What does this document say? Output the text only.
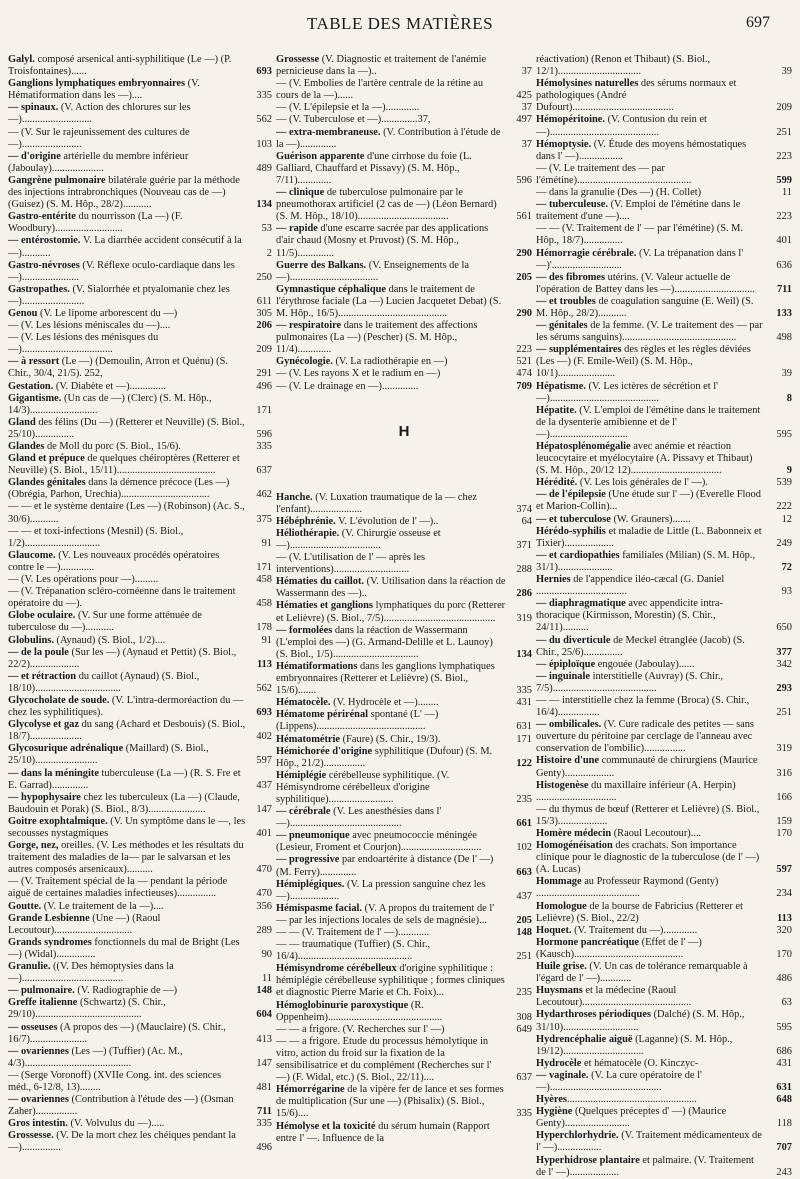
TABLE DES MATIÈRES	697
Galyl. composé arsenical anti-syphilitique (Le —) (P. Troisfontaines)......	693
Ganglions lymphatiques embryonnaires (V. Hématiformation dans les —)....	335
— spinaux. (V. Action des chlorures sur les —)...........................	562
— (V. Sur le rajeunissement des cultures de —).......................	103
— d'origine artérielle du membre inférieur (Jaboulay)....................	489
Gangrène pulmonaire bilatérale guérie par la méthode des injections intrabronchiques (Nouveau cas de —) (Guisez) (S. M. Hôp., 28/2)...........	134
Gastro-entérite du nourrisson (La —) (F. Woodbury)..........................	53
— entérostomie. V. La diarrhée accident consécutif à la —)...........	2
Gastro-névroses (V. Réflexe oculo-cardiaque dans les —)......................	250
Gastropathes. (V. Sialorrhée et ptyalomanie chez les —)........................	611
Genou (V. Le lipome arborescent du —)	305
— (V. Les lésions méniscales du —)....	206
— (V. Les lésions des ménisques du —)...................................	209
— à ressort (Le —) (Demoulin, Arron et Quénu) (S. Chir., 30/4, 21/5). 252,	291
Gestation. (V. Diabète et —)..............	496
Gigantisme. (Un cas de —) (Clerc) (S. M. Hôp., 14/3)..........................	171
Gland des félins (Du —) (Retterer et Neuville) (S. Biol., 25/10)...............	596
Glandes de Moll du porc (S. Biol., 15/6).	335
Gland et prépuce de quelques chéiroptères (Retterer et Neuville) (S. Biol., 15/11)......................................	637
Glandes génitales dans la démence précoce (Les —) (Obrégia, Parhon, Urechia)..................................	462
— — et le système dentaire (Les —) (Robinson) (Ac. S., 30/6)...........	375
— — et toxi-infections (Mesnil) (S. Biol., 1/2).............................	91
Glaucome. (V. Les nouveaux procédés opératoires contre le —).............	171
— (V. Les opérations pour —).........	458
— (V. Trépanation scléro-cornéenne dans le traitement opératoire du —).	458
Globe oculaire. (V. Sur une forme atténuée de tuberculose du —)...........	178
Globulins. (Aynaud) (S. Biol., 1/2)....	91
— de la poule (Sur les —) (Aynaud et Pettit) (S. Biol., 22/2)...................	113
— et rétraction du caillot (Aynaud) (S. Biol., 18/10).................................	562
Glycocholate de soude. (V. L'intra-dermoréaction du — chez les syphilitiques).	693
Glycolyse et gaz du sang (Achard et Desbouis) (S. Biol., 18/7)....................	402
Glycosurique adrénalique (Maillard) (S. Biol., 25/10)........................	597
— dans la méningite tuberculeuse (La —) (R. S. Fre et E. Garrad)..............	437
— hypophysaire chez les tuberculeux (La —) (Claude, Baudouin et Porak) (S. Biol., 8/3)......................	147
Goitre exophtalmique. (V. Un symptôme dans le —, les secousses nystagmiques	401
Gorge, nez, oreilles. (V. Les méthodes et les résultats du traitement des maladies de la— par le salvarsan et les autres composés arsenicaux)..........	470
— (V. Traitement spécial de la — pendant la période aiguë de certaines maladies infectieuses)...............	470
Goutte. (V. Le traitement de la —)....	356
Grande Lesbienne (Une —) (Raoul Lecoutour)..............................	289
Grands syndromes fonctionnels du mal de Bright (Les —) (Widal)...............	90
Granulie. ((V. Des hémoptysies dans la —).......................................	11
— pulmonaire. (V. Radiographie de —)	148
Greffe italienne (Schwartz) (S. Chir., 29/10).........................................	604
— osseuses (A propos des —) (Mauclaire) (S. Chir., 16/7)......................	413
— ovariennes (Les —) (Tuffier) (Ac. M., 4/3).........................................	147
— (Serge Voronoff) (XVIIe Cong. int. des sciences méd., 6-12/8, 13)........	481
— ovariennes (Contribution à l'étude des —) (Osman Zaher)................	711
Gros intestin. (V. Volvulus du —).....	335
Grossesse. (V. De la mort chez les chéiques pendant la —)...............	496
Grossesse (V. Diagnostic et traitement de l'anémie pernicieuse dans la —)..	37
— (V. Embolies de l'artère centrale de la rétine au cours de la —)......	425
— (V. L'épilepsie et la —).............	37
— (V. Tuberculose et —)..............37,	497
— extra-membraneuse. (V. Contribution à l'étude de la —)..............	37
Guérison apparente d'une cirrhose du foie (L. Galliard, Chauffard et Pissavy) (S. M. Hôp., 7/11).............	596
— clinique de tuberculose pulmonaire par le pneumothorax artificiel (2 cas de —) (Léon Bernard) (S. M. Hôp., 18/10)...................................	561
— rapide d'une escarre sacrée par des applications d'air chaud (Mosny et Pruvost) (S. M. Hôp., 11/5)..............	290
Guerre des Balkans. (V. Enseignements de la —)..................................	205
Gymnastique céphalique dans le traitement de l'érythrose faciale (La —) Lucien Jacquetet Debat) (S. M. Hôp., 16/5)..........................................	290
— respiratoire dans le traitement des affections pulmonaires (La —) (Pescher) (S. M. Hôp., 11/4).............	223
Gynécologie. (V. La radiothérapie en —)	521
— (V. Les rayons X et le radium en —)	474
— (V. Le drainage en —)..............	709
H
Hanche. (V. Luxation traumatique de la — chez l'enfant)....................	374
Hébéphrénie. V. L'évolution de l' —)..	64
Héliothérapie. (V. Chirurgie osseuse et —)...................................	371
— (V. L'utilisation de l' — après les interventions).............................	288
Hématies du caillot. (V. Utilisation dans la réaction de Wassermann des —)..	286
Hématies et ganglions lymphatiques du porc (Retterer et Lelièvre) (S. Biol., 7/5)...........................................	319
— formolées dans la réaction de Wassermann (L'emploi des —) (G. Armand-Delille et L. Launoy) (S. Biol., 1/5).................................	134
Hématiformations dans les ganglions lymphatiques embryonnaires (Retterer et Lelièvre) (S. Biol., 15/6).......	335
Hématocèle. (V. Hydrocèle et —)........	431
Hématome périrénal spontané (L' —) (Lippens)..........................................	631
Hématométrie (Faure) (S. Chir., 19/3).	171
Hémichorée d'origine syphilitique (Dufour) (S. M. Hôp., 21/2)................	122
Hémiplégie cérébelleuse syphilitique. (V. Hémisyndrome cérébelleux d'origine syphilitique).........................	235
— cérébrale (V. Les anesthésies dans l' —)...........................................	661
— pneumonique avec pneumococcie méningée (Lesieur, Froment et Courjon)...............................	102
— progressive par endoartérite à distance (De l' —) (M. Ferry)..............	663
Hémiplégiques. (V. La pression sanguine chez les —)...................	437
Hémispasme facial. (V. A propos du traitement de l' — par les injections locales de sels de magnésie)...	205
— — (V. Traitement de l' —)............	148
— — traumatique (Tuffier) (S. Chir., 16/4)............................................	251
Hémisyndrome cérébelleux d'origine syphilitique : hémiplégie cérébelleuse syphilitique ; formes cliniques et diagnostic Pierre Marie et Ch. Foix)...	235
Hémoglobinurie paroxystique (R. Oppenheim)............................................	308
— — a frigore. (V. Recherches sur l' —)	649
— — a frigore. Etude du processus hémolytique in vitro, action du froid sur la fixation de la sensibilisatrice et du complément (Recherches sur l' —) (F. Widal, etc.) (S. Biol., 22/11)....	637
Hémorrégarine de la vipère fer de lance et ses formes de multiplication (Sur une —) (Phisalix) (S. Biol., 15/6)....	335
Hémolyse et la toxicité du sérum humain (Rapport entre l' —. Influence de la
réactivation) (Renon et Thibaut) (S. Biol., 12/1)................................	39
Hémolysines naturelles des sérums normaux et pathologiques (André Dufourt).......................................	209
Hémopéritoine. (V. Contusion du rein et —)..........................................	251
Hémoptysie. (V. Étude des moyens hémostatiques dans l' —).................	223
— (V. Le traitement des — par l'émétine)............................................	599
— dans la granulie (Des —) (H. Collet)	11
— tuberculeuse. (V. Emploi de l'émétine dans le traitement d'une —)....	223
— — (V. Traitement de l' — par l'émétine) (S. M. Hôp., 18/7)...............	401
Hémorragie cérébrale. (V. La trépanation dans l' —)'...........................	636
— des fibromes utérins. (V. Valeur actuelle de l'opération de Battey dans les —)...............................	711
— et troubles de coagulation sanguine (E. Weil) (S. M. Hôp., 28/2)...........	133
— génitales de la femme. (V. Le traitement des — par les sérums sanguins)............................................	498
— supplémentaires des règles et les règles déviées (Les —) (F. Emile-Weil) (S. M. Hôp., 10/1)......................	39
Hépatisme. (V. Les ictères de sécrétion et l' —)..........................................	8
Hépatite. (V. L'emploi de l'émétine dans le traitement de la dysenterie amibienne et de l' —)..............................	595
Hépatosplénomégalie avec anémie et réaction leucocytaire et myélocytaire (A. Pissavy et Thibaut) (S. M. Hôp., 20/12 12)...................................	9
Hérédité. (V. Les lois générales de l' —).	539
— de l'épilepsie (Une étude sur l' —) (Everelle Flood et Marion-Collin)...	222
— et tuberculose (W. Grauners).......	12
Hérédo-syphilis et maladie de Little (L. Babonneix et Tixier)...................	249
— et cardiopathies familiales (Milian) (S. M. Hôp., 31/1).....................	72
Hernies de l'appendice iléo-cæcal (G. Daniel ...................................	93
— diaphragmatique avec appendicite intra-thoracique (Kirmisson, Morestin) (S. Chir., 24/11)..........	650
— du diverticule de Meckel étranglée (Jacob) (S. Chir., 25/6)...............	377
— épiploïque engouée (Jaboulay)......	342
— inguinale interstitielle (Auvray) (S. Chir., 7/5)........................................	293
— — interstitielle chez la femme (Broca) (S. Chir., 16/4)................	251
— ombilicales. (V. Cure radicale des petites — sans ouverture du péritoine par cerclage de l'anneau avec conservation de l'ombilic)................	319
Histoire d'une communauté de chirurgiens (Maurice Genty)...................	316
Histogenèse du maxillaire inférieur (A. Herpin) ...............................	166
— du thymus de bœuf (Retterer et Lelièvre) (S. Biol., 15/3)...................	159
Homère médecin (Raoul Lecoutour)....	170
Homogénéisation des crachats. Son importance clinique pour le diagnostic de la tuberculose (de l' —) (A. Lucas)	597
Hommage au Professeur Raymond (Genty) ........................................	234
Homologue de la bourse de Fabricius (Retterer et Lelièvre) (S. Biol., 22/2)	113
Hoquet. (V. Traitement du —).............	320
Hormone pancréatique (Effet de l' —) (Kausch)..........................................	170
Huile grise. (V. Un cas de tolérance remarquable à l'égard de l' —)............	486
Huysmans et la médecine (Raoul Lecoutour)..........................................	63
Hydarthroses périodiques (Dalché) (S. M. Hôp., 31/10).............................	595
Hydrencéphalie aiguë (Laganne) (S. M. Hôp., 19/12)...............................	686
Hydrocèle et hématocèle (O. Kinczyc-	431
— vaginale. (V. La cure opératoire de l' —)...........................................	631
Hyères..................................................	648
Hygiène (Quelques préceptes d' —) (Maurice Genty).........................	118
Hyperchlorhydrie. (V. Traitement médicamenteux de l' —).................	707
Hyperhidrose plantaire et palmaire. (V. Traitement de l' —)...................	243
